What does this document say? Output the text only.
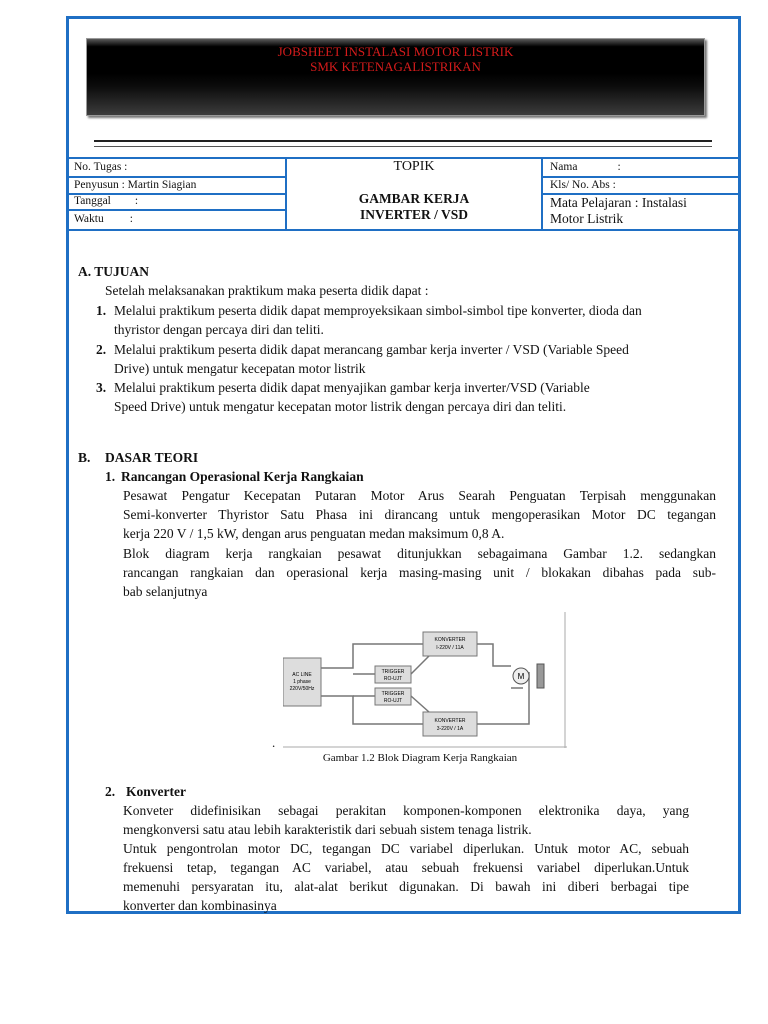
JOBSHEET INSTALASI MOTOR LISTRIK
SMK KETENAGALISTRIKAN
No. Tugas :
Penyusun : Martin Siagian
Tanggal :
Waktu :
TOPIK
GAMBAR KERJA
INVERTER / VSD
Nama	:
Kls/ No. Abs :
Mata Pelajaran : Instalasi
Motor Listrik
A. TUJUAN
Setelah melaksanakan praktikum maka peserta didik dapat :
1. Melalui praktikum peserta didik dapat memproyeksikaan simbol-simbol tipe konverter, dioda dan
thyristor dengan percaya diri dan teliti.
2. Melalui praktikum peserta didik dapat merancang gambar kerja inverter / VSD (Variable Speed
Drive) untuk mengatur kecepatan motor listrik
3. Melalui praktikum peserta didik dapat menyajikan gambar kerja inverter/VSD (Variable
Speed Drive) untuk mengatur kecepatan motor listrik dengan percaya diri dan teliti.
B. DASAR TEORI
1. Rancangan Operasional Kerja Rangkaian
Pesawat Pengatur Kecepatan Putaran Motor Arus Searah Penguatan Terpisah menggunakan
Semi-konverter Thyristor Satu Phasa ini dirancang untuk mengoperasikan Motor DC tegangan
kerja 220 V / 1,5 kW, dengan arus penguatan medan maksimum 0,8 A.
Blok diagram kerja rangkaian pesawat ditunjukkan sebagaimana Gambar 1.2. sedangkan
rancangan rangkaian dan operasional kerja masing-masing unit / blokakan dibahas pada sub-
bab selanjutnya
2. Konverter
Konveter didefinisikan sebagai perakitan komponen-komponen elektronika daya, yang
mengkonversi satu atau lebih karakteristik dari sebuah sistem tenaga listrik.
Untuk pengontrolan motor DC, tegangan DC variabel diperlukan. Untuk motor AC, sebuah
frekuensi tetap, tegangan AC variabel, atau sebuah frekuensi variabel diperlukan.Untuk
memenuhi persyaratan itu, alat-alat berikut digunakan. Di bawah ini diberi berbagai tipe
konverter dan kombinasinya
AC LINE
1 phase
220V/50Hz
KONVERTER
I-220V / 11A
KONVERTER
3-220V / 1A
TRIGGER
RO-UJT
TRIGGER
RO-UJT
M
.
Gambar 1.2 Blok Diagram Kerja Rangkaian
